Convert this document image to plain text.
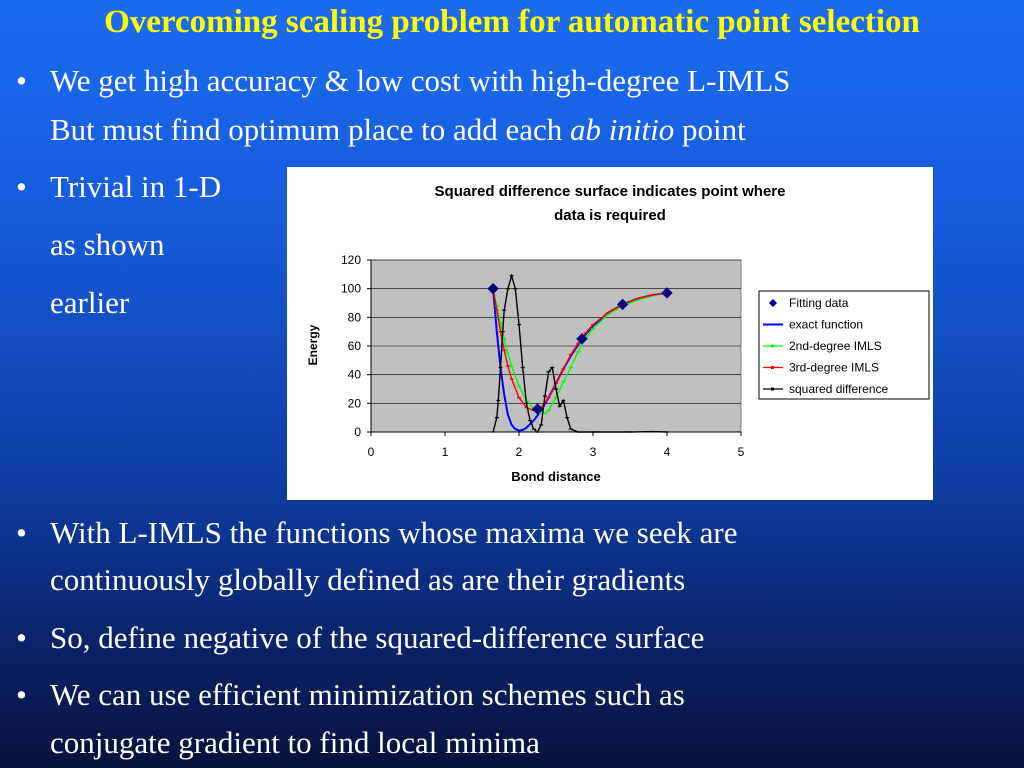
Overcoming scaling problem for automatic point selection
• We get high accuracy & low cost with high-degree L-IMLS
But must find optimum place to add each ab initio point
• Trivial in 1-D
as shown
earlier
Squared difference surface indicates point where
data is required
Energy
Bond distance
0
20
40
60
80
100
120
0	1	2	3	4	5
Fitting data
exact function
2nd-degree IMLS
3rd-degree IMLS
squared difference
• With L-IMLS the functions whose maxima we seek are
continuously globally defined as are their gradients
• So, define negative of the squared-difference surface
• We can use efficient minimization schemes such as
conjugate gradient to find local minima
